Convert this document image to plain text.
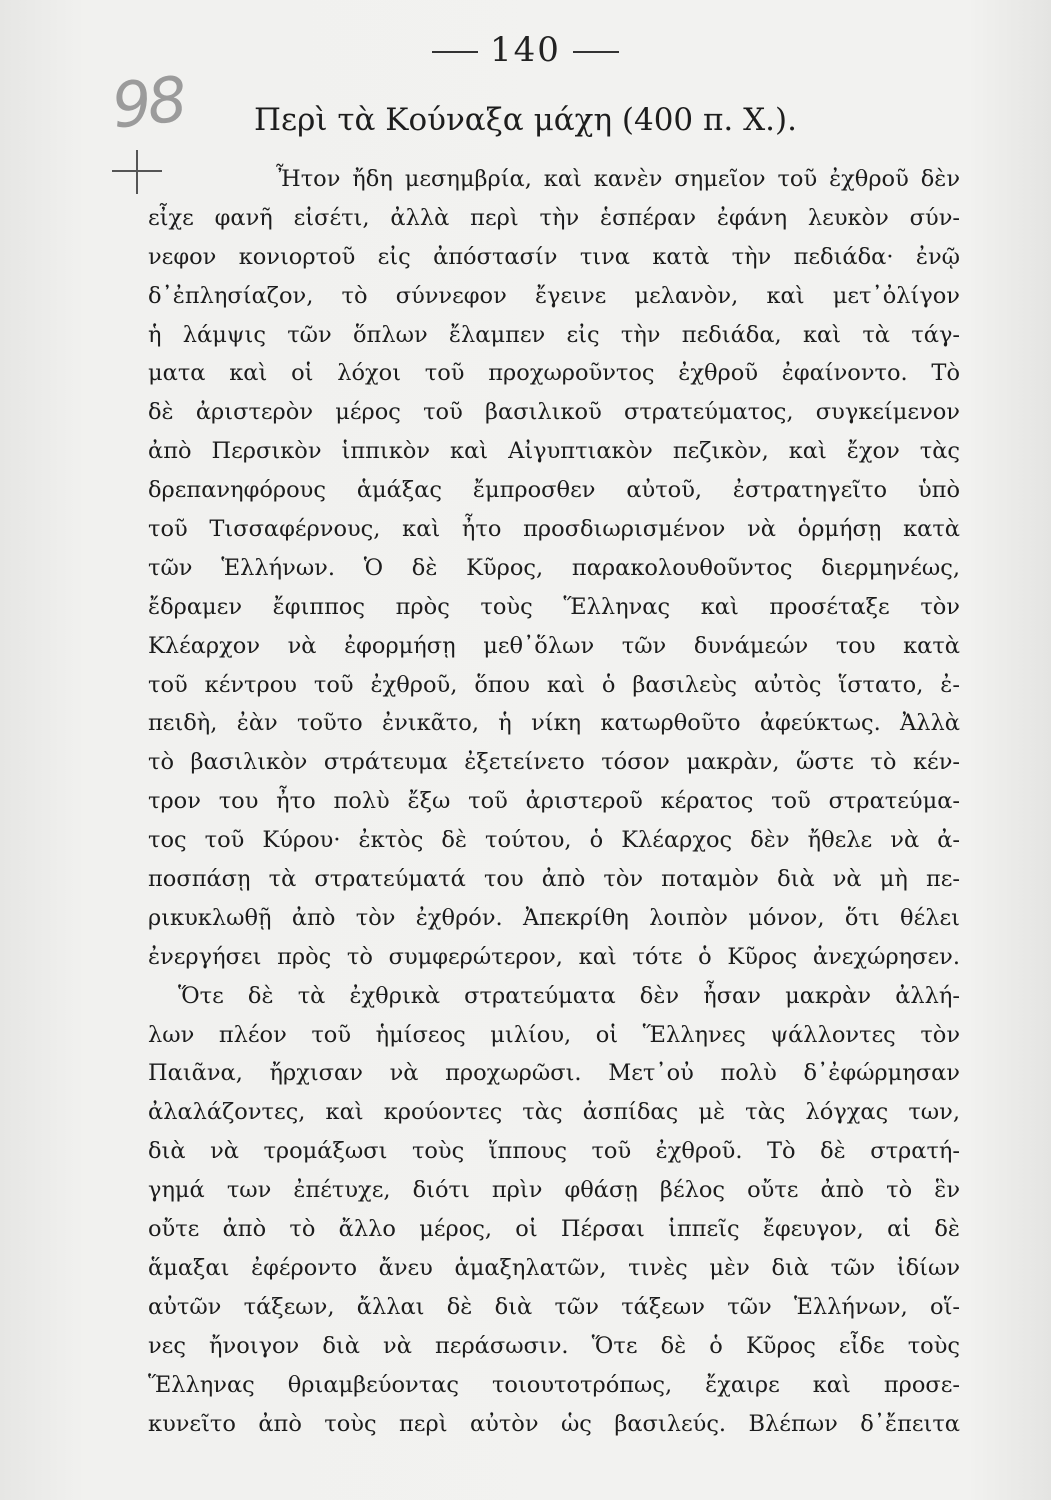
140
98	Περὶ τὰ Κούναξα μάχη (400 π. Χ.).
Ἦτον ἤδη μεσημβρία, καὶ κανὲν σημεῖον τοῦ ἐχθροῦ δὲν
εἶχε φανῆ εἰσέτι, ἀλλὰ περὶ τὴν ἑσπέραν ἐφάνη λευκὸν σύν-
νεφον κονιορτοῦ εἰς ἀπόστασίν τινα κατὰ τὴν πεδιάδα· ἐνῷ
δ᾽ἐπλησίαζον, τὸ σύννεφον ἔγεινε μελανὸν, καὶ μετ᾽ὀλίγον
ἡ λάμψις τῶν ὅπλων ἔλαμπεν εἰς τὴν πεδιάδα, καὶ τὰ τάγ-
ματα καὶ οἱ λόχοι τοῦ προχωροῦντος ἐχθροῦ ἐφαίνοντο. Τὸ
δὲ ἀριστερὸν μέρος τοῦ βασιλικοῦ στρατεύματος, συγκείμενον
ἀπὸ Περσικὸν ἱππικὸν καὶ Αἰγυπτιακὸν πεζικὸν, καὶ ἔχον τὰς
δρεπανηφόρους ἁμάξας ἔμπροσθεν αὐτοῦ, ἐστρατηγεῖτο ὑπὸ
τοῦ Τισσαφέρνους, καὶ ἦτο προσδιωρισμένον νὰ ὁρμήσῃ κατὰ
τῶν Ἑλλήνων. Ὁ δὲ Κῦρος, παρακολουθοῦντος διερμηνέως,
ἔδραμεν ἔφιππος πρὸς τοὺς Ἕλληνας καὶ προσέταξε τὸν
Κλέαρχον νὰ ἐφορμήσῃ μεθ᾽ὅλων τῶν δυνάμεών του κατὰ
τοῦ κέντρου τοῦ ἐχθροῦ, ὅπου καὶ ὁ βασιλεὺς αὐτὸς ἵστατο, ἐ-
πειδὴ, ἐὰν τοῦτο ἐνικᾶτο, ἡ νίκη κατωρθοῦτο ἀφεύκτως. Ἀλλὰ
τὸ βασιλικὸν στράτευμα ἐξετείνετο τόσον μακρὰν, ὥστε τὸ κέν-
τρον του ἦτο πολὺ ἔξω τοῦ ἀριστεροῦ κέρατος τοῦ στρατεύμα-
τος τοῦ Κύρου· ἐκτὸς δὲ τούτου, ὁ Κλέαρχος δὲν ἤθελε νὰ ἀ-
ποσπάσῃ τὰ στρατεύματά του ἀπὸ τὸν ποταμὸν διὰ νὰ μὴ πε-
ρικυκλωθῇ ἀπὸ τὸν ἐχθρόν. Ἀπεκρίθη λοιπὸν μόνον, ὅτι θέλει
ἐνεργήσει πρὸς τὸ συμφερώτερον, καὶ τότε ὁ Κῦρος ἀνεχώρησεν.
Ὅτε δὲ τὰ ἐχθρικὰ στρατεύματα δὲν ἦσαν μακρὰν ἀλλή-
λων πλέον τοῦ ἡμίσεος μιλίου, οἱ Ἕλληνες ψάλλοντες τὸν
Παιᾶνα, ἤρχισαν νὰ προχωρῶσι. Μετ᾽οὐ πολὺ δ᾽ἐφώρμησαν
ἀλαλάζοντες, καὶ κρούοντες τὰς ἀσπίδας μὲ τὰς λόγχας των,
διὰ νὰ τρομάξωσι τοὺς ἵππους τοῦ ἐχθροῦ. Τὸ δὲ στρατή-
γημά των ἐπέτυχε, διότι πρὶν φθάσῃ βέλος οὔτε ἀπὸ τὸ ἓν
οὔτε ἀπὸ τὸ ἄλλο μέρος, οἱ Πέρσαι ἱππεῖς ἔφευγον, αἱ δὲ
ἅμαξαι ἐφέροντο ἄνευ ἁμαξηλατῶν, τινὲς μὲν διὰ τῶν ἰδίων
αὐτῶν τάξεων, ἄλλαι δὲ διὰ τῶν τάξεων τῶν Ἑλλήνων, οἵ-
νες ἤνοιγον διὰ νὰ περάσωσιν. Ὅτε δὲ ὁ Κῦρος εἶδε τοὺς
Ἕλληνας θριαμβεύοντας τοιουτοτρόπως, ἔχαιρε καὶ προσε-
κυνεῖτο ἀπὸ τοὺς περὶ αὐτὸν ὡς βασιλεύς. Βλέπων δ᾽ἔπειτα
